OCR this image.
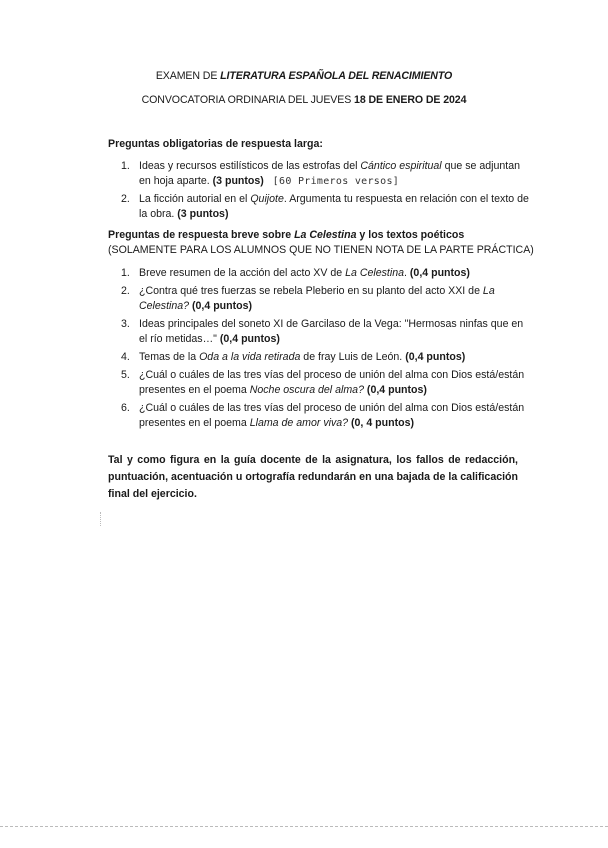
EXAMEN DE LITERATURA ESPAÑOLA DEL RENACIMIENTO
CONVOCATORIA ORDINARIA DEL JUEVES 18 DE ENERO DE 2024
Preguntas obligatorias de respuesta larga:
1. Ideas y recursos estilísticos de las estrofas del Cántico espiritual que se adjuntan en hoja aparte. (3 puntos) [60 Primeros versos]
2. La ficción autorial en el Quijote. Argumenta tu respuesta en relación con el texto de la obra. (3 puntos)
Preguntas de respuesta breve sobre La Celestina y los textos poéticos (SOLAMENTE PARA LOS ALUMNOS QUE NO TIENEN NOTA DE LA PARTE PRÁCTICA)
1. Breve resumen de la acción del acto XV de La Celestina. (0,4 puntos)
2. ¿Contra qué tres fuerzas se rebela Pleberio en su planto del acto XXI de La Celestina? (0,4 puntos)
3. Ideas principales del soneto XI de Garcilaso de la Vega: "Hermosas ninfas que en el río metidas…" (0,4 puntos)
4. Temas de la Oda a la vida retirada de fray Luis de León. (0,4 puntos)
5. ¿Cuál o cuáles de las tres vías del proceso de unión del alma con Dios está/están presentes en el poema Noche oscura del alma? (0,4 puntos)
6. ¿Cuál o cuáles de las tres vías del proceso de unión del alma con Dios está/están presentes en el poema Llama de amor viva? (0, 4 puntos)
Tal y como figura en la guía docente de la asignatura, los fallos de redacción, puntuación, acentuación u ortografía redundarán en una bajada de la calificación final del ejercicio.
